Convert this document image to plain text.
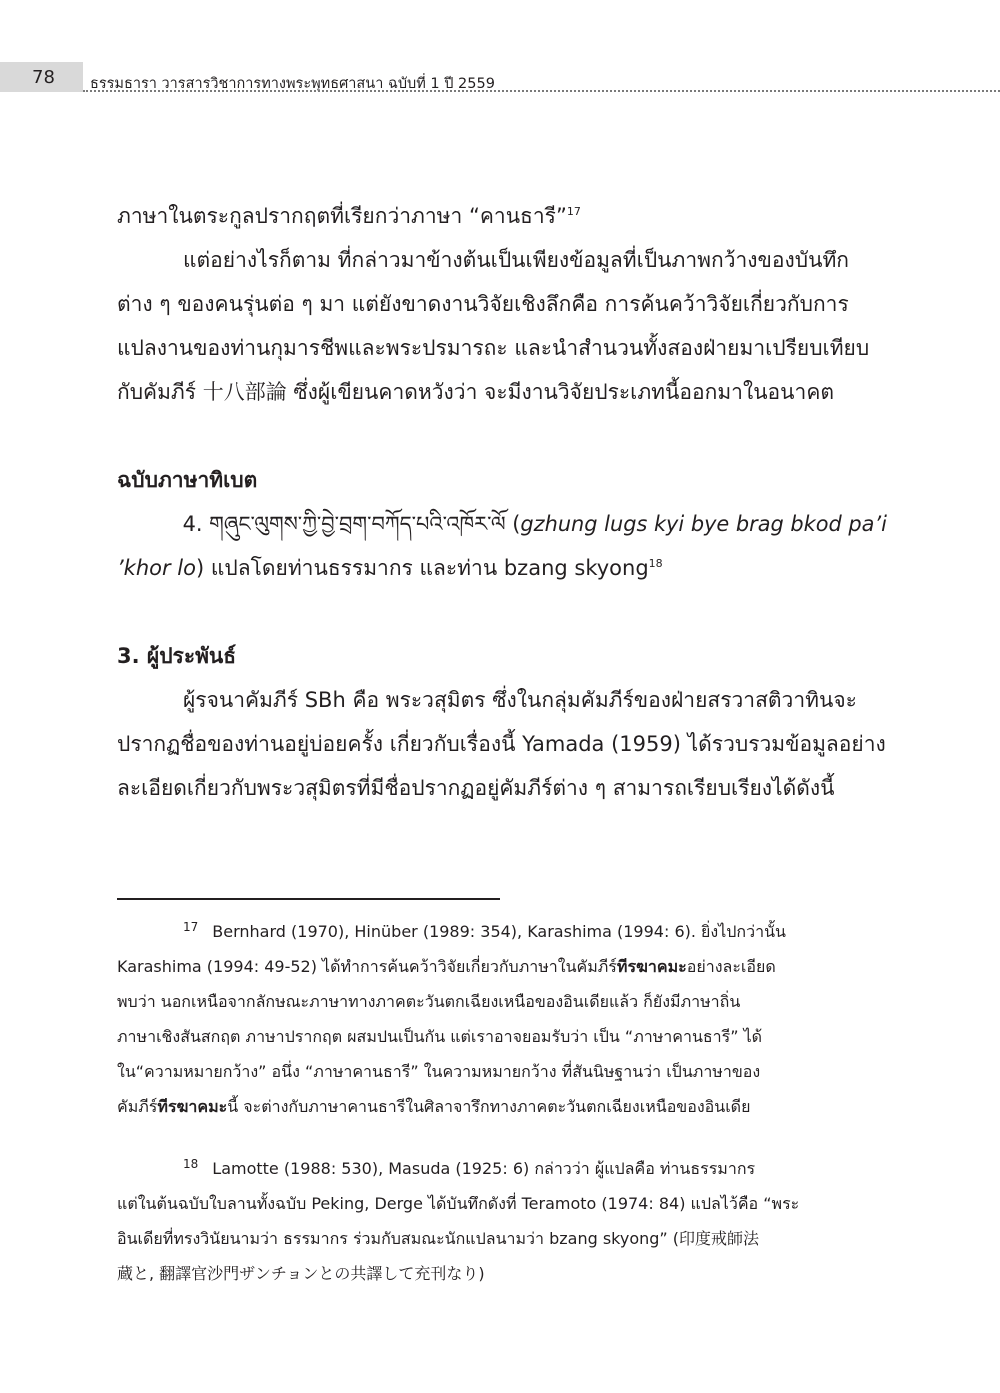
78 ธรรมธารา วารสารวิชาการทางพระพุทธศาสนา ฉบับที่ 1 ปี 2559
ภาษาในตระกูลปรากฤตที่เรียกว่าภาษา “คานธารี”$^{17}$
แต่อย่างไรก็ตาม ที่กล่าวมาข้างต้นเป็นเพียงข้อมูลที่เป็นภาพกว้างของบันทึก
ต่าง ๆ ของคนรุ่นต่อ ๆ มา แต่ยังขาดงานวิจัยเชิงลึกคือ การค้นคว้าวิจัยเกี่ยวกับการ
แปลงานของท่านกุมารชีพและพระปรมารถะ และนำสำนวนทั้งสองฝ่ายมาเปรียบเทียบ
กับคัมภีร์ 十八部論 ซึ่งผู้เขียนคาดหวังว่า จะมีงานวิจัยประเภทนี้ออกมาในอนาคต
ฉบับภาษาทิเบต
4. གཞུང་ལུགས་ཀྱི་བྱེ་བྲག་བཀོད་པའི་འཁོར་ལོ (gzhung lugs kyi bye brag bkod pa’i
’khor lo) แปลโดยท่านธรรมากร และท่าน bzang skyong$^{18}$
3. ผู้ประพันธ์
ผู้รจนาคัมภีร์ SBh คือ พระวสุมิตร ซึ่งในกลุ่มคัมภีร์ของฝ่ายสรวาสติวาทินจะ
ปรากฏชื่อของท่านอยู่บ่อยครั้ง เกี่ยวกับเรื่องนี้ Yamada (1959) ได้รวบรวมข้อมูลอย่าง
ละเอียดเกี่ยวกับพระวสุมิตรที่มีชื่อปรากฏอยู่คัมภีร์ต่าง ๆ สามารถเรียบเรียงได้ดังนี้
$^{17}$ Bernhard (1970), Hinüber (1989: 354), Karashima (1994: 6). ยิ่งไปกว่านั้น
Karashima (1994: 49-52) ได้ทำการค้นคว้าวิจัยเกี่ยวกับภาษาในคัมภีร์ทีรฆาคมะอย่างละเอียด
พบว่า นอกเหนือจากลักษณะภาษาทางภาคตะวันตกเฉียงเหนือของอินเดียแล้ว ก็ยังมีภาษาถิ่น
ภาษาเชิงสันสกฤต ภาษาปรากฤต ผสมปนเป็นกัน แต่เราอาจยอมรับว่า เป็น “ภาษาคานธารี” ได้
ใน“ความหมายกว้าง” อนึ่ง “ภาษาคานธารี” ในความหมายกว้าง ที่สันนิษฐานว่า เป็นภาษาของ
คัมภีร์ทีรฆาคมะนี้ จะต่างกับภาษาคานธารีในศิลาจารึกทางภาคตะวันตกเฉียงเหนือของอินเดีย
$^{18}$ Lamotte (1988: 530), Masuda (1925: 6) กล่าวว่า ผู้แปลคือ ท่านธรรมากร
แต่ในต้นฉบับใบลานทั้งฉบับ Peking, Derge ได้บันทึกดังที่ Teramoto (1974: 84) แปลไว้คือ “พระ
อินเดียที่ทรงวินัยนามว่า ธรรมากร ร่วมกับสมณะนักแปลนามว่า bzang skyong” (印度戒師法
蔵と, 翻譯官沙門ザンチョンとの共譯して充刊なり)
